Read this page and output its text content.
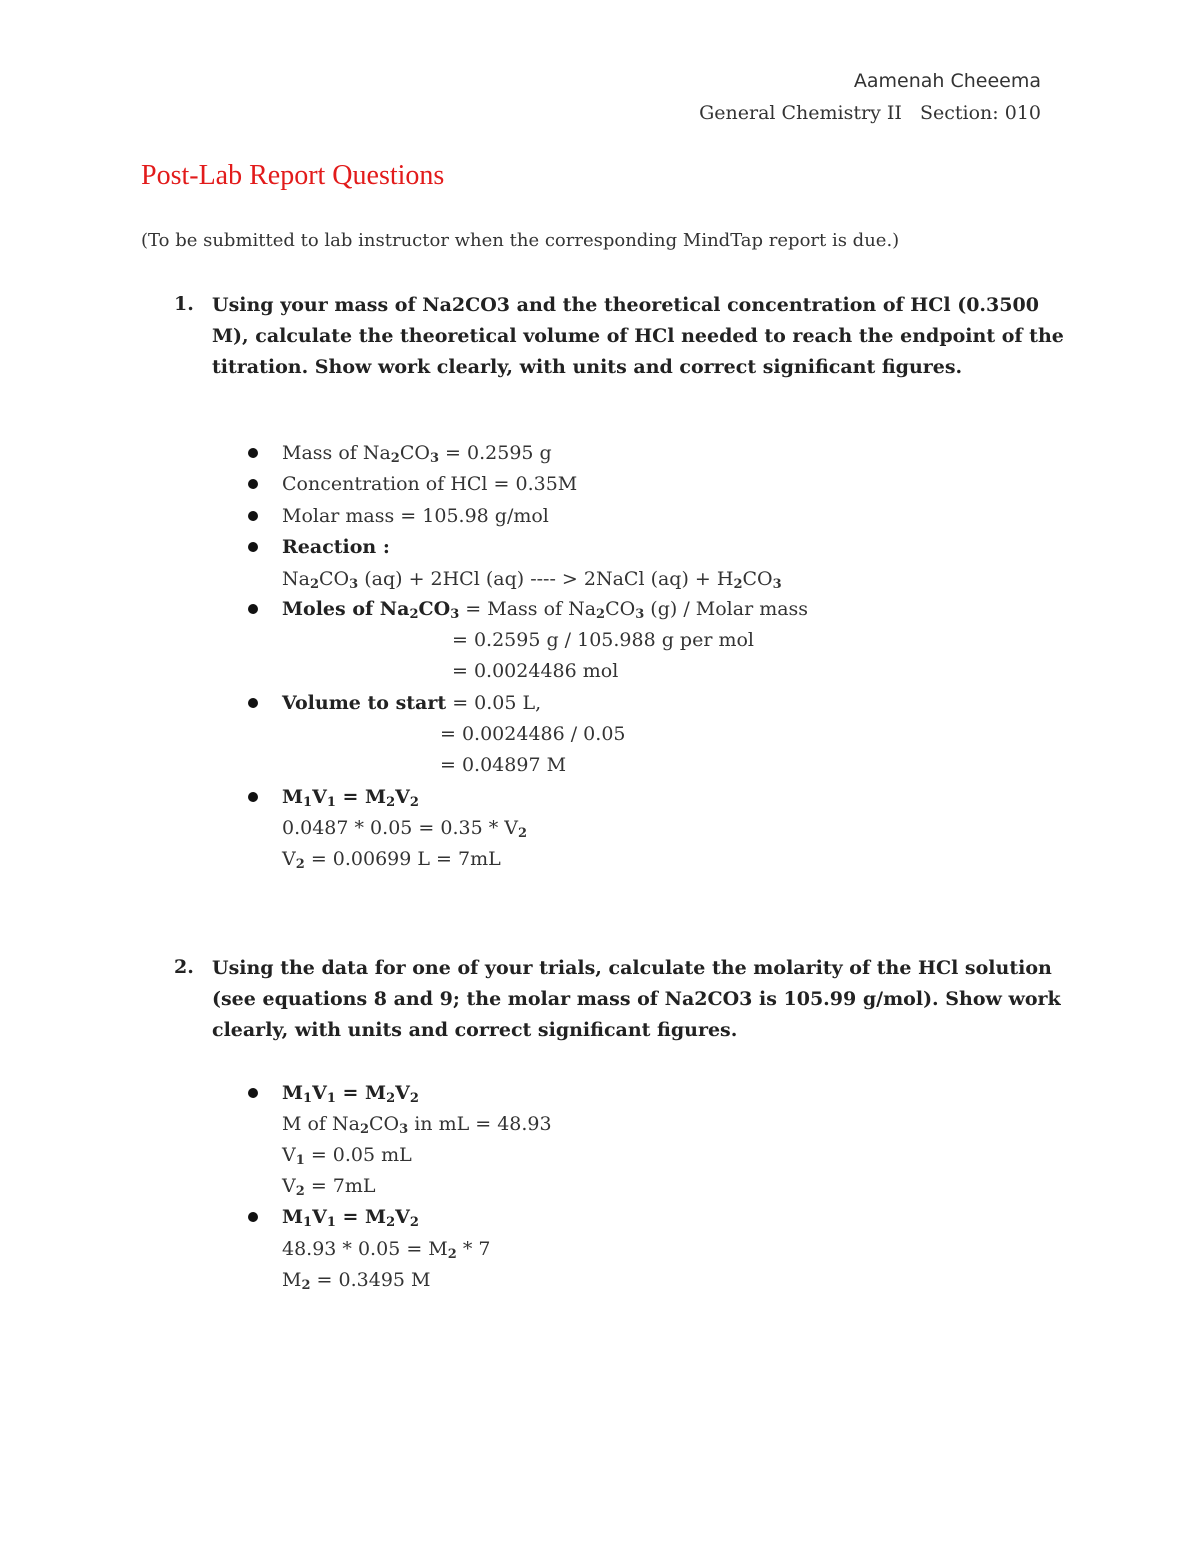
Aamenah Cheeema
General Chemistry II Section: 010
Post-Lab Report Questions
(To be submitted to lab instructor when the corresponding MindTap report is due.)
1. Using your mass of Na2CO3 and the theoretical concentration of HCl (0.3500 M), calculate the theoretical volume of HCl needed to reach the endpoint of the titration. Show work clearly, with units and correct significant figures.
Mass of $Na_2CO_3 = 0.2595$ g
Concentration of HCl = 0.35M
Molar mass = 105.98 g/mol
Reaction :
$Na_2CO_3$ (aq) + 2HCl (aq) ---- > 2NaCl $(aq) + H_2CO_3$
Moles of $Na_2CO_3$ = Mass of $Na_2CO_3$ (g) / Molar mass
= 0.2595 g / 105.988 g per mol
= 0.0024486 mol
Volume to start = 0.05 L,
= 0.0024486 / 0.05
= 0.04897 M
$M_1V_1 = M_2V_2$
$0.0487 * 0.05 = 0.35 * V_2$
$V_2 = 0.00699$ L = 7mL
2. Using the data for one of your trials, calculate the molarity of the HCl solution (see equations 8 and 9; the molar mass of Na2CO3 is 105.99 g/mol). Show work clearly, with units and correct significant figures.
$M_1V_1 = M_2V_2$
M of $Na_2CO_3$ in mL = 48.93
$V_1 = 0.05$ mL
$V_2 = 7mL$
$M_1V_1 = M_2V_2$
$48.93 * 0.05 = M_2 * 7$
$M_2 = 0.3495$ M
